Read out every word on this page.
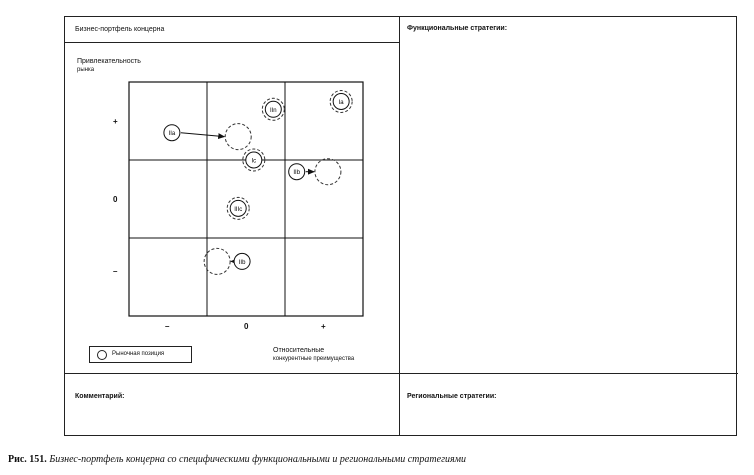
Бизнес-портфель концерна	Функциональные стратегии:
Комментарий:	Региональные стратегии:
Привлекательность
рынка
+
0
–
–	0	+
IIa
IIn
Ia
Ic
IIb
IIIc
IIb
Рыночная позиция	Относительные
конкурентные преимущества
Рис. 151. Бизнес-портфель концерна со специфическими функциональными и региональными стратегиями
